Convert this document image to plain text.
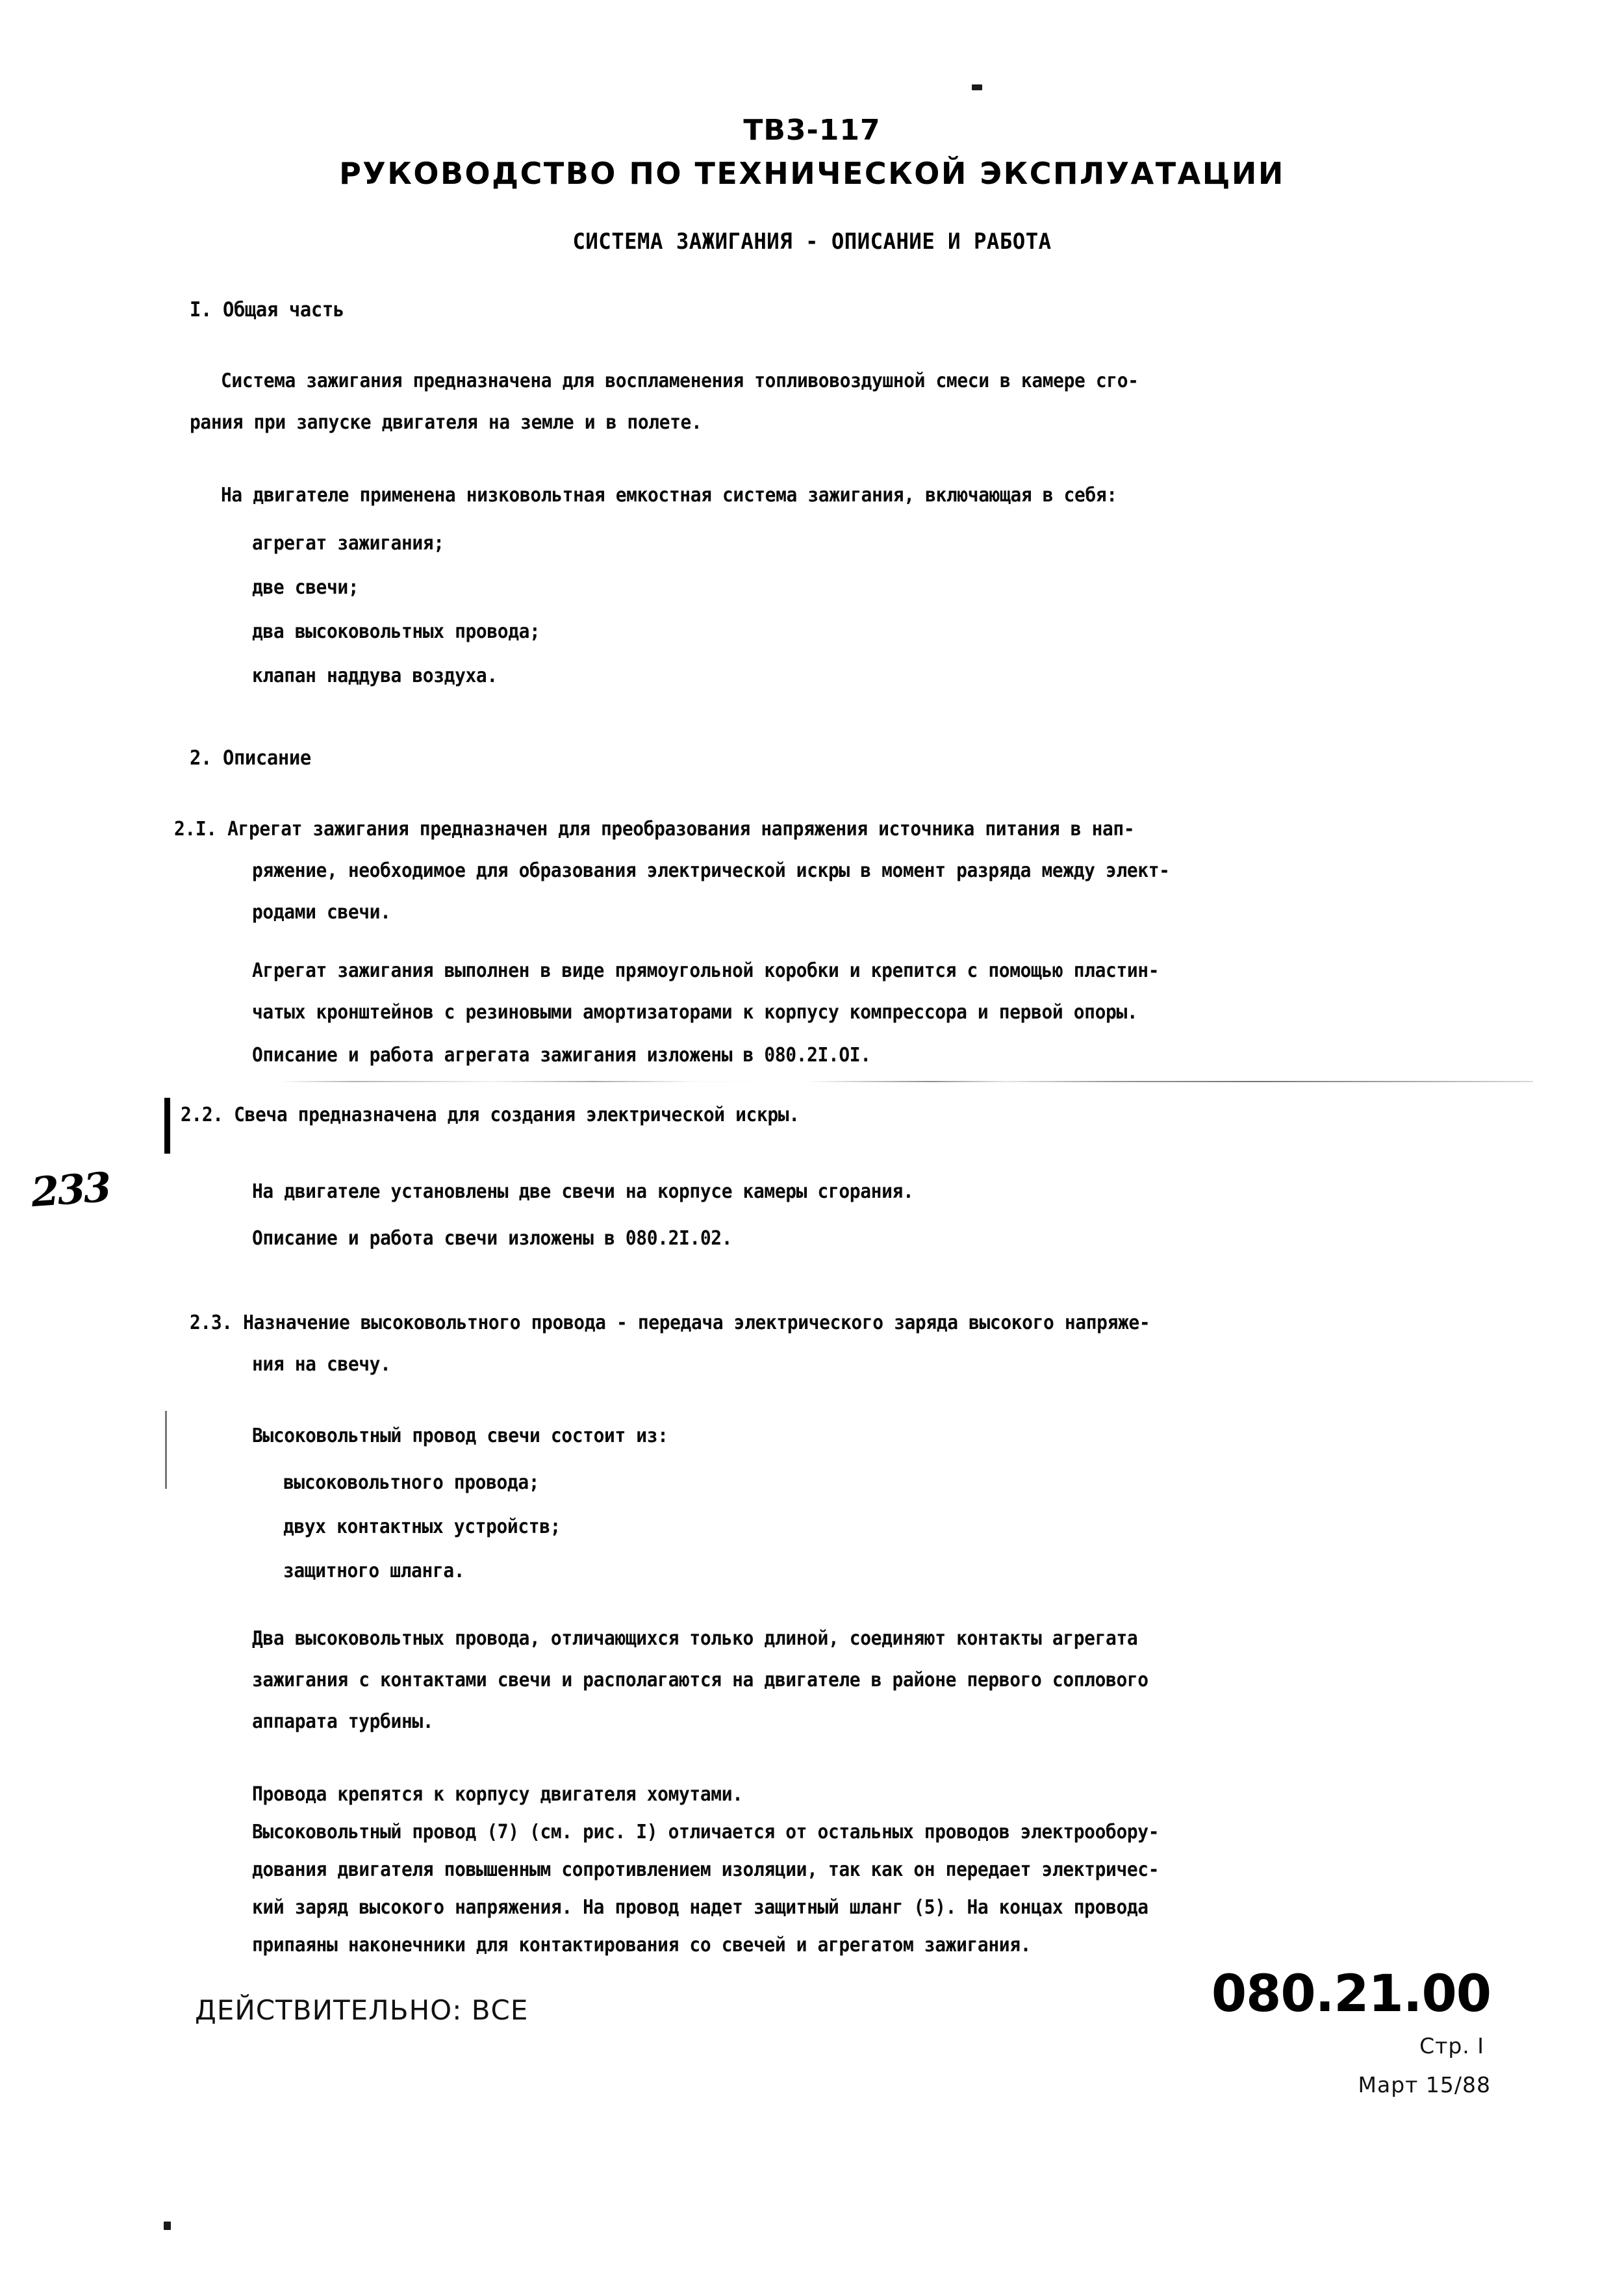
ТВ3-117
РУКОВОДСТВО ПО ТЕХНИЧЕСКОЙ ЭКСПЛУАТАЦИИ
СИСТЕМА ЗАЖИГАНИЯ - ОПИСАНИЕ И РАБОТА
233
I. Общая часть
Система зажигания предназначена для воспламенения топливовоздушной смеси в камере сго-
рания при запуске двигателя на земле и в полете.
На двигателе применена низковольтная емкостная система зажигания, включающая в себя:
агрегат зажигания;
две свечи;
два высоковольтных провода;
клапан наддува воздуха.
2. Описание
2.I. Агрегат зажигания предназначен для преобразования напряжения источника питания в нап-
ряжение, необходимое для образования электрической искры в момент разряда между элект-
родами свечи.
Агрегат зажигания выполнен в виде прямоугольной коробки и крепится с помощью пластин-
чатых кронштейнов с резиновыми амортизаторами к корпусу компрессора и первой опоры.
Описание и работа агрегата зажигания изложены в 080.2I.OI.
2.2. Свеча предназначена для создания электрической искры.
На двигателе установлены две свечи на корпусе камеры сгорания.
Описание и работа свечи изложены в 080.2I.02.
2.3. Назначение высоковольтного провода - передача электрического заряда высокого напряже-
ния на свечу.
Высоковольтный провод свечи состоит из:
высоковольтного провода;
двух контактных устройств;
защитного шланга.
Два высоковольтных провода, отличающихся только длиной, соединяют контакты агрегата
зажигания с контактами свечи и располагаются на двигателе в районе первого соплового
аппарата турбины.
Провода крепятся к корпусу двигателя хомутами.
Высоковольтный провод (7) (см. рис. I) отличается от остальных проводов электрообору-
дования двигателя повышенным сопротивлением изоляции, так как он передает электричес-
кий заряд высокого напряжения. На провод надет защитный шланг (5). На концах провода
припаяны наконечники для контактирования со свечей и агрегатом зажигания.
ДЕЙСТВИТЕЛЬНО: ВСЕ	080.21.00
Стр. I
Март 15/88
